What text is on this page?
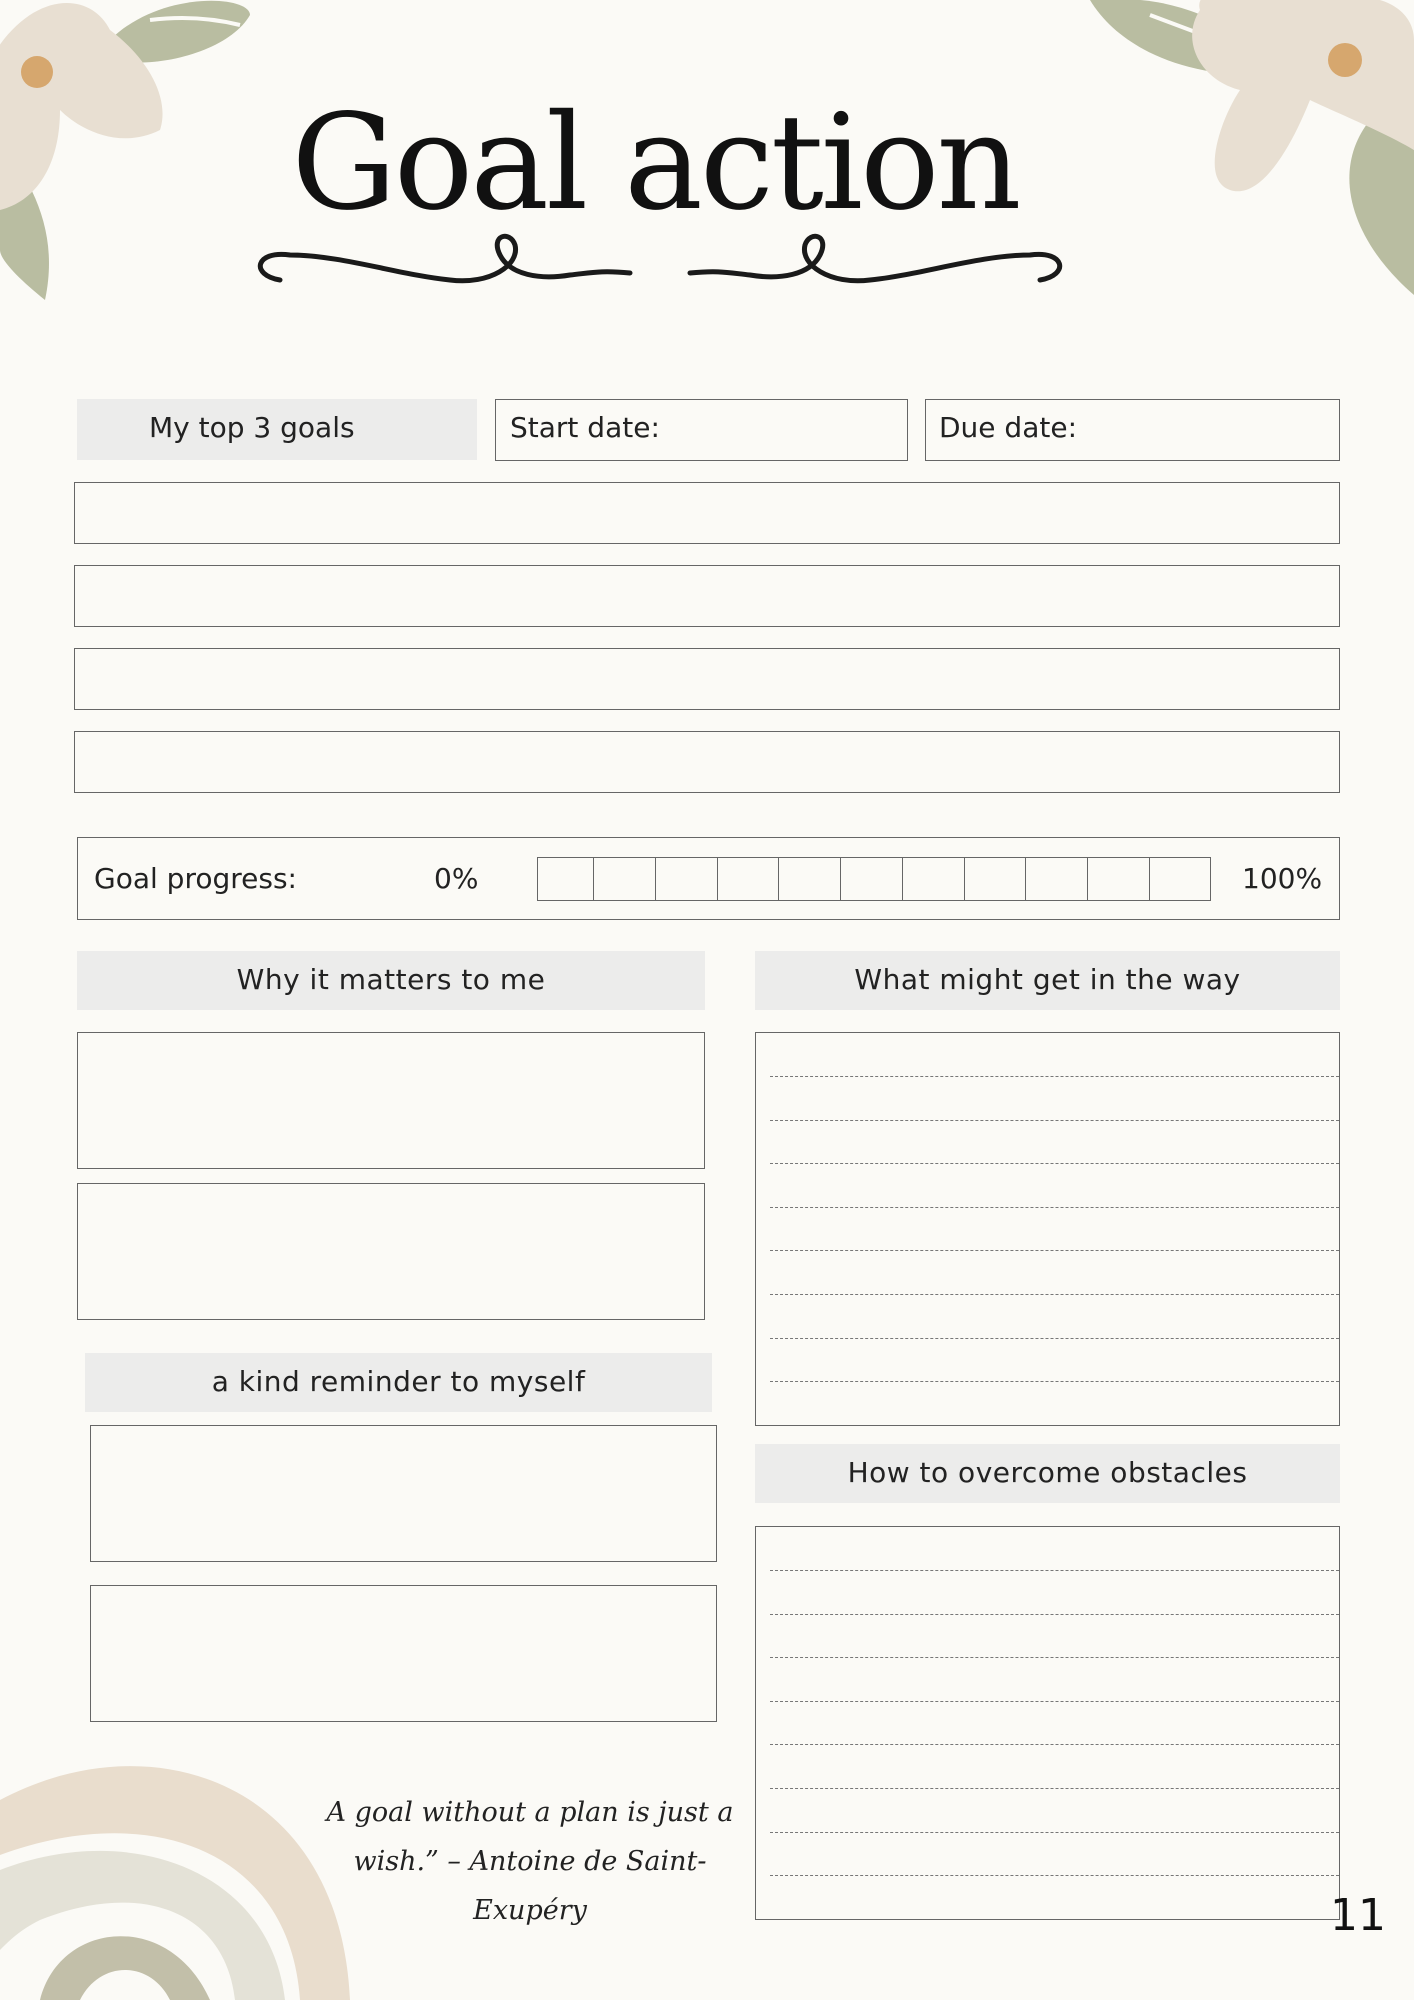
Goal action
My top 3 goals	Start date:	Due date:
Goal progress:	0%	100%
Why it matters to me
a kind reminder to myself
What might get in the way
How to overcome obstacles
A goal without a plan is just a wish.” – Antoine de Saint-Exupéry	11
